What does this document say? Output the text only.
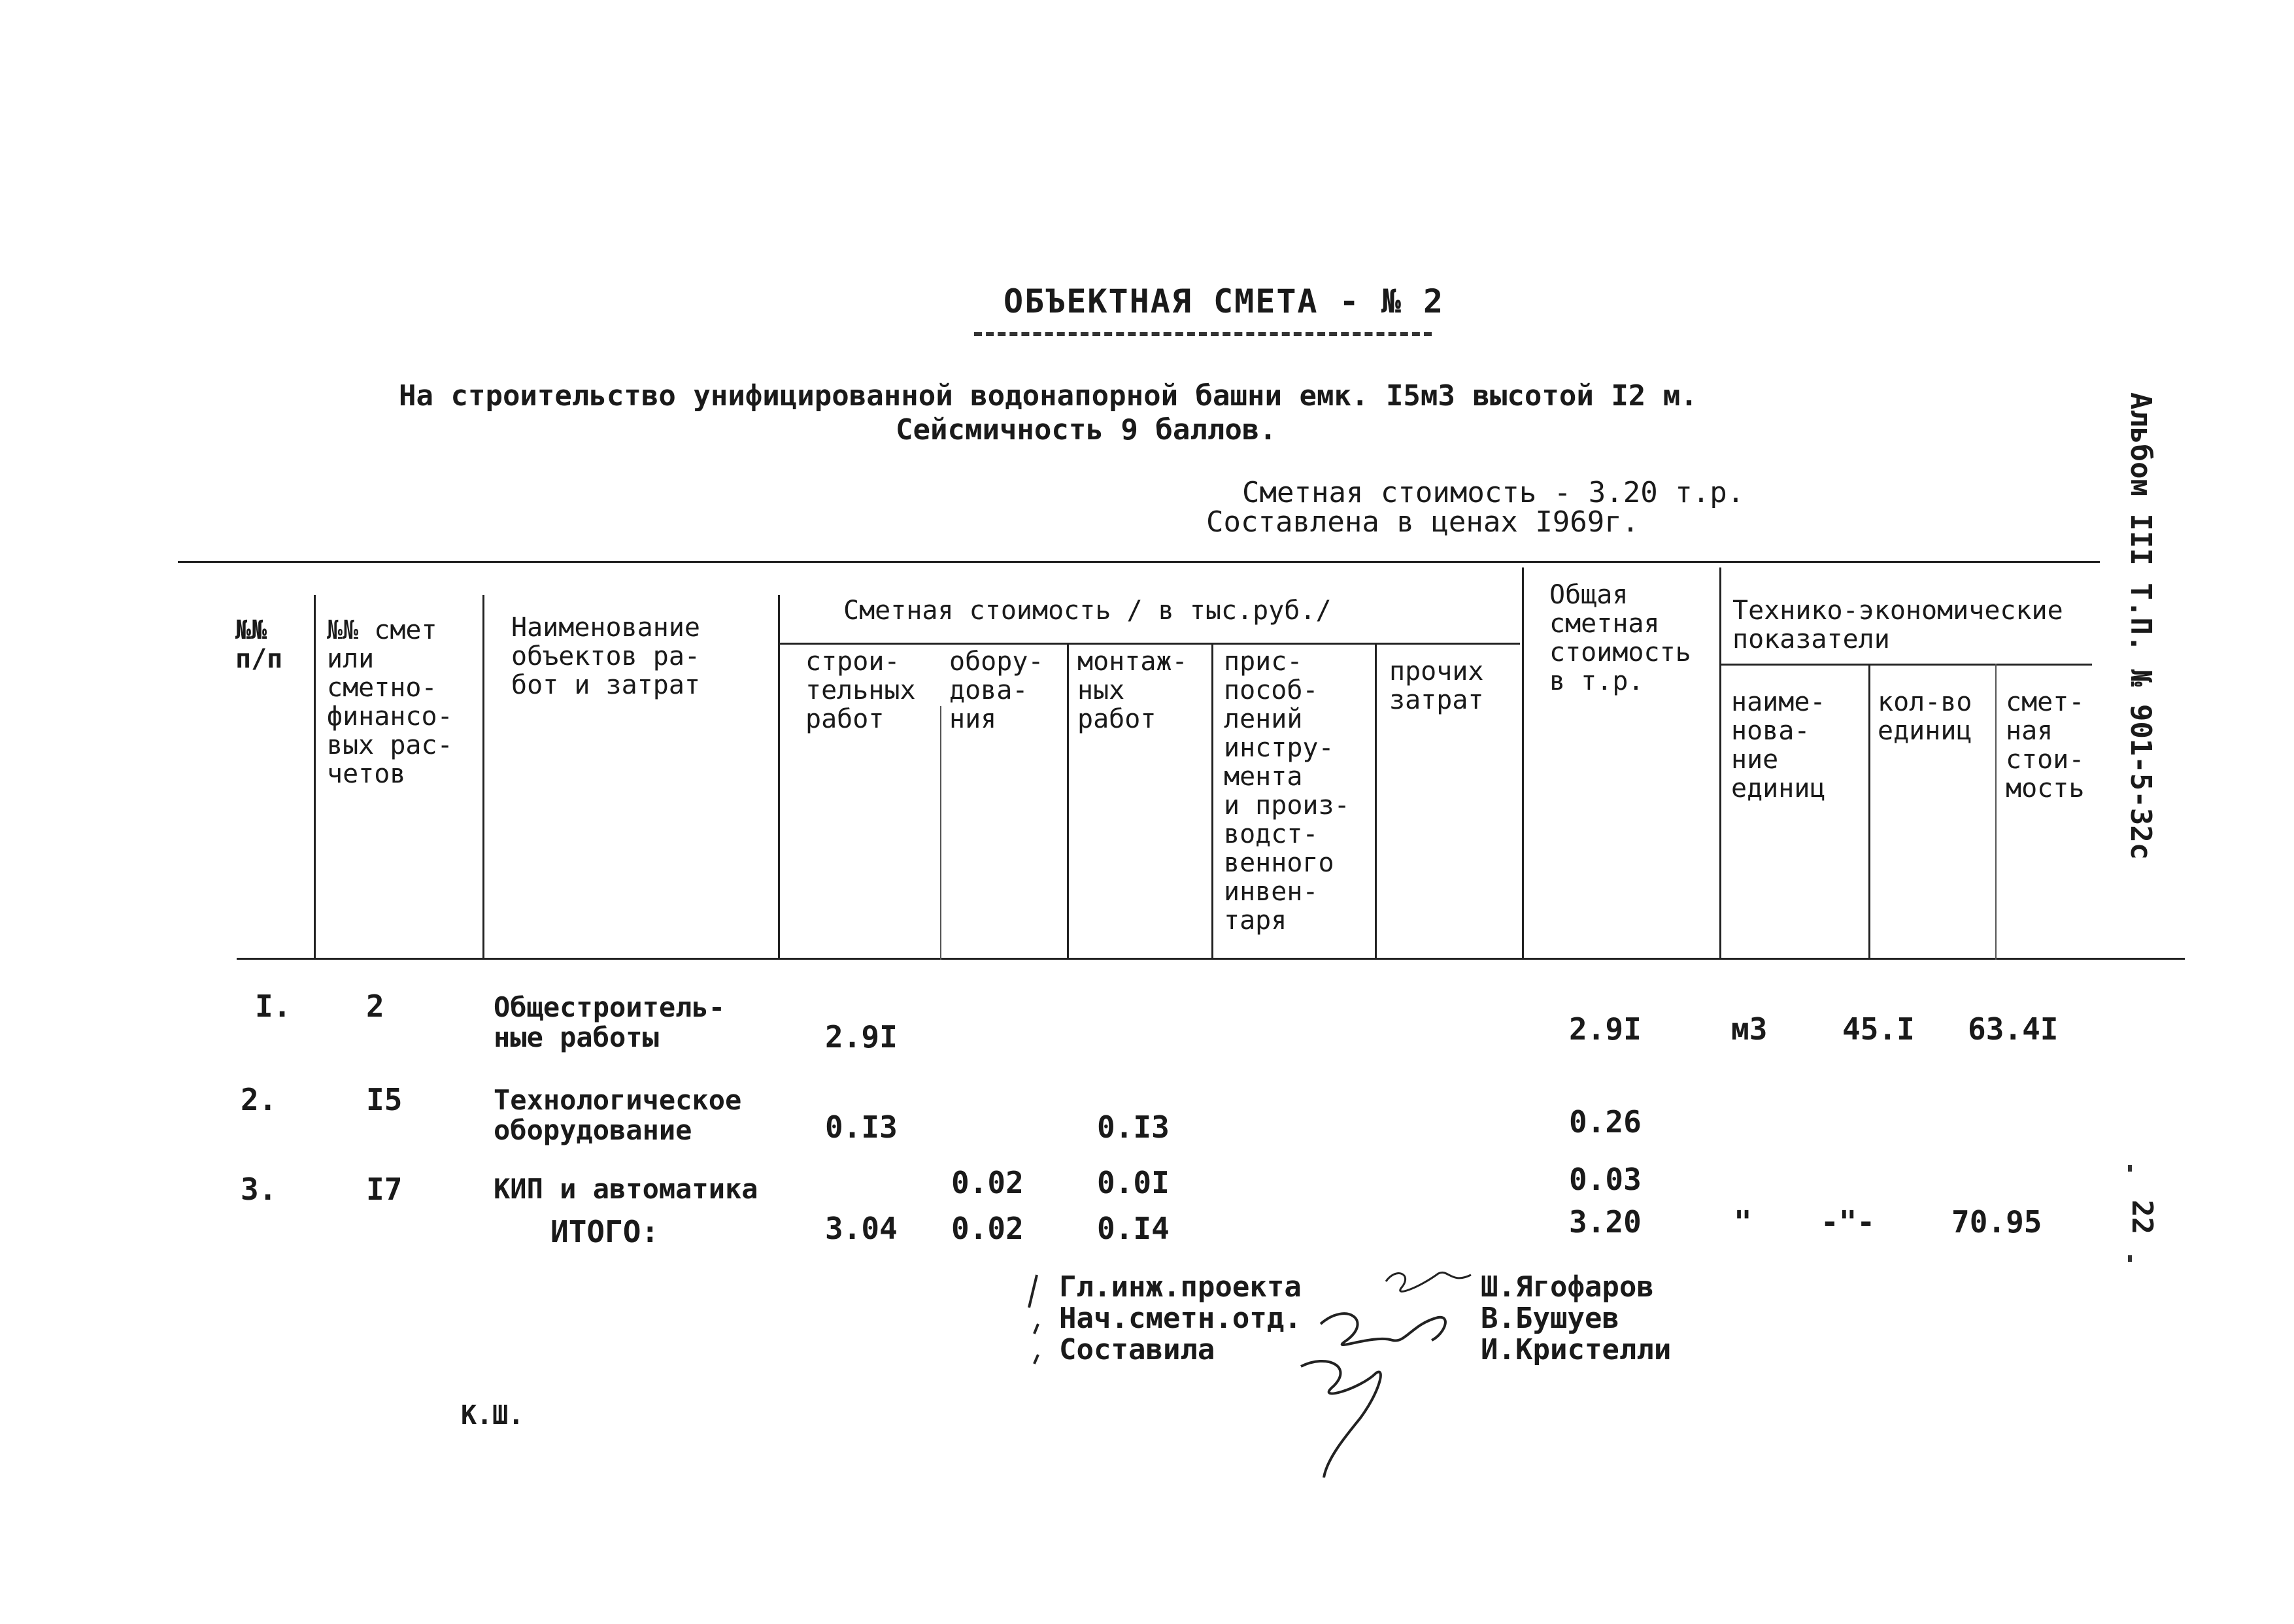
ОБЪЕКТНАЯ СМЕТА - № 2
На строительство унифицированной водонапорной башни емк. I5м3 высотой I2 м.
Сейсмичность 9 баллов.
Сметная стоимость - 3.20 т.р.
Составлена в ценах I969г.	Альбом III Т.П. № 901-5-32с
22
№№
п/п
№№ смет
или
сметно-
финансо-
вых рас-
четов
Наименование
объектов ра-
бот и затрат
Сметная стоимость / в тыс.руб./
строи-
тельных
работ
обору-
дова-
ния
монтаж-
ных
работ
прис-
пособ-
лений
инстру-
мента
и произ-
водст-
венного
инвен-
таря
прочих
затрат
Общая
сметная
стоимость
в т.р.
Технико-экономические
показатели
наиме-
нова-
ние
единиц
кол-во
единиц
смет-
ная
стои-
мость
I. 2	Общестроитель-
ные работы	2.9I	2.9I	м3 45.I 63.4I
2.	I5	Технологическое
оборудование	0.I3	0.I3	0.26
3.	I7	КИП и автоматика	0.02 0.0I	0.03
ИТОГО:	3.04 0.02 0.I4	3.20	" -"-	70.95
Гл.инж.проекта
Нач.сметн.отд.
Составила
Ш.Ягофаров
В.Бушуев
И.Кристелли
К.Ш.
